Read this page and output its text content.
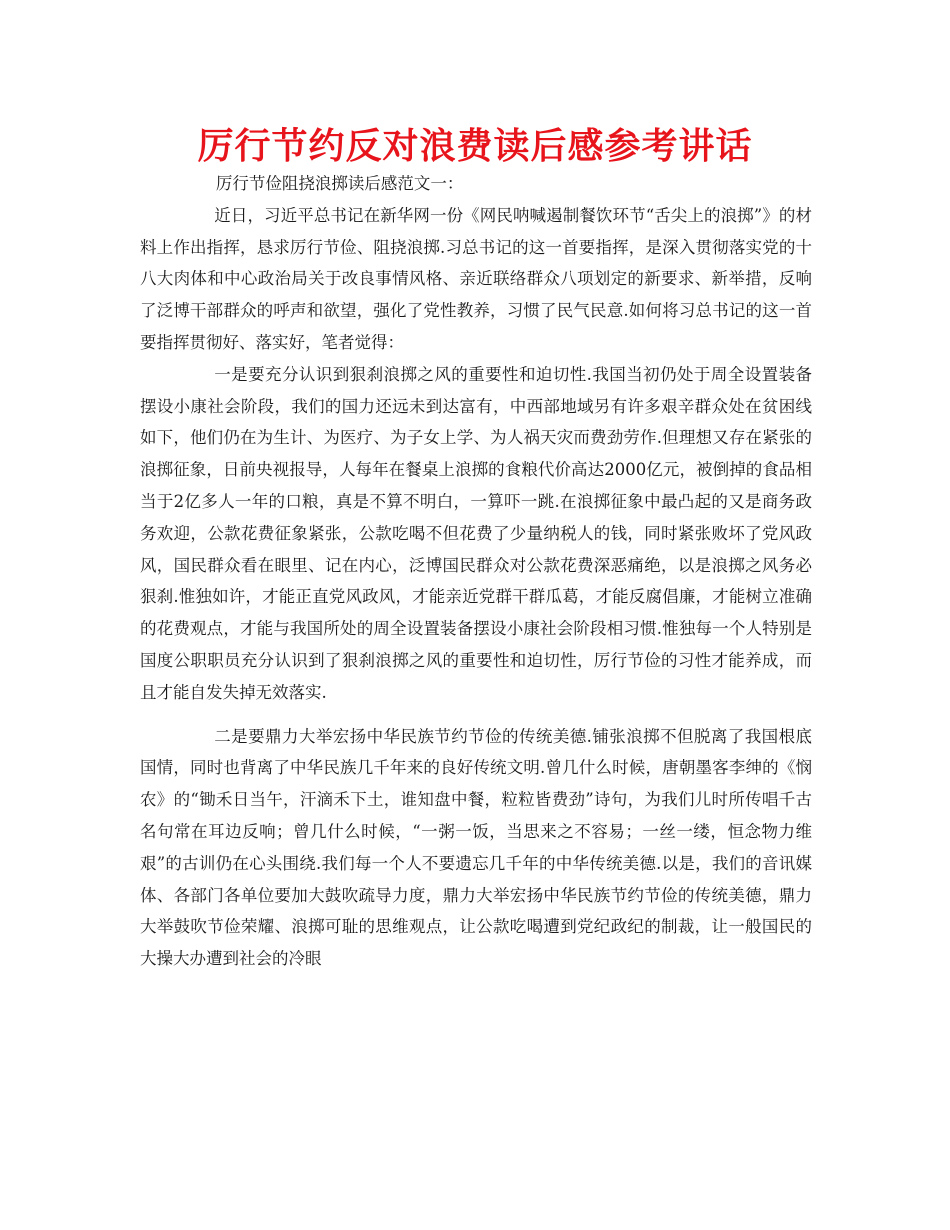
厉行节约反对浪费读后感参考讲话

厉行节俭阻挠浪掷读后感范文一：

近日，习近平总书记在新华网一份《网民呐喊遏制餐饮环节“舌尖上的浪掷”》的材料上作出指挥，恳求厉行节俭、阻挠浪掷.习总书记的这一首要指挥，是深入贯彻落实党的十八大肉体和中心政治局关于改良事情风格、亲近联络群众八项划定的新要求、新举措，反响了泛博干部群众的呼声和欲望，强化了党性教养，习惯了民气民意.如何将习总书记的这一首要指挥贯彻好、落实好，笔者觉得：

一是要充分认识到狠刹浪掷之风的重要性和迫切性.我国当初仍处于周全设置装备摆设小康社会阶段，我们的国力还远未到达富有，中西部地域另有许多艰辛群众处在贫困线如下，他们仍在为生计、为医疗、为子女上学、为人祸天灾而费劲劳作.但理想又存在紧张的浪掷征象，日前央视报导，人每年在餐桌上浪掷的食粮代价高达2000亿元，被倒掉的食品相当于2亿多人一年的口粮，真是不算不明白，一算吓一跳.在浪掷征象中最凸起的又是商务政务欢迎，公款花费征象紧张，公款吃喝不但花费了少量纳税人的钱，同时紧张败坏了党风政风，国民群众看在眼里、记在内心，泛博国民群众对公款花费深恶痛绝，以是浪掷之风务必狠刹.惟独如许，才能正直党风政风，才能亲近党群干群瓜葛，才能反腐倡廉，才能树立准确的花费观点，才能与我国所处的周全设置装备摆设小康社会阶段相习惯.惟独每一个人特别是国度公职职员充分认识到了狠刹浪掷之风的重要性和迫切性，厉行节俭的习性才能养成，而且才能自发失掉无效落实.

二是要鼎力大举宏扬中华民族节约节俭的传统美德.铺张浪掷不但脱离了我国根底国情，同时也背离了中华民族几千年来的良好传统文明.曾几什么时候，唐朝墨客李绅的《悯农》的“锄禾日当午，汗滴禾下土，谁知盘中餐，粒粒皆费劲”诗句，为我们儿时所传唱千古名句常在耳边反响；曾几什么时候，“一粥一饭，当思来之不容易；一丝一缕，恒念物力维艰”的古训仍在心头围绕.我们每一个人不要遗忘几千年的中华传统美德.以是，我们的音讯媒体、各部门各单位要加大鼓吹疏导力度，鼎力大举宏扬中华民族节约节俭的传统美德，鼎力大举鼓吹节俭荣耀、浪掷可耻的思维观点，让公款吃喝遭到党纪政纪的制裁，让一般国民的大操大办遭到社会的冷眼
